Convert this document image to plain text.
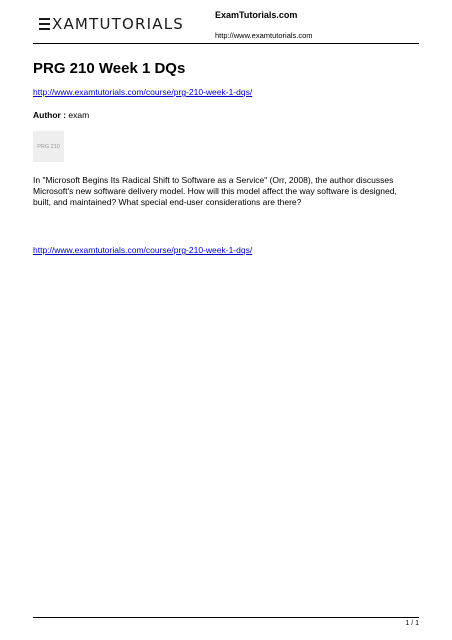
XAMTUTORIALS	ExamTutorials.com
http://www.examtutorials.com
PRG 210 Week 1 DQs
http://www.examtutorials.com/course/prg-210-week-1-dqs/
Author : exam
PRG 210

In "Microsoft Begins Its Radical Shift to Software as a Service" (Orr, 2008), the author discusses Microsoft's new software delivery model. How will this model affect the way software is designed, built, and maintained? What special end-user considerations are there?

http://www.examtutorials.com/course/prg-210-week-1-dqs/
1 / 1
